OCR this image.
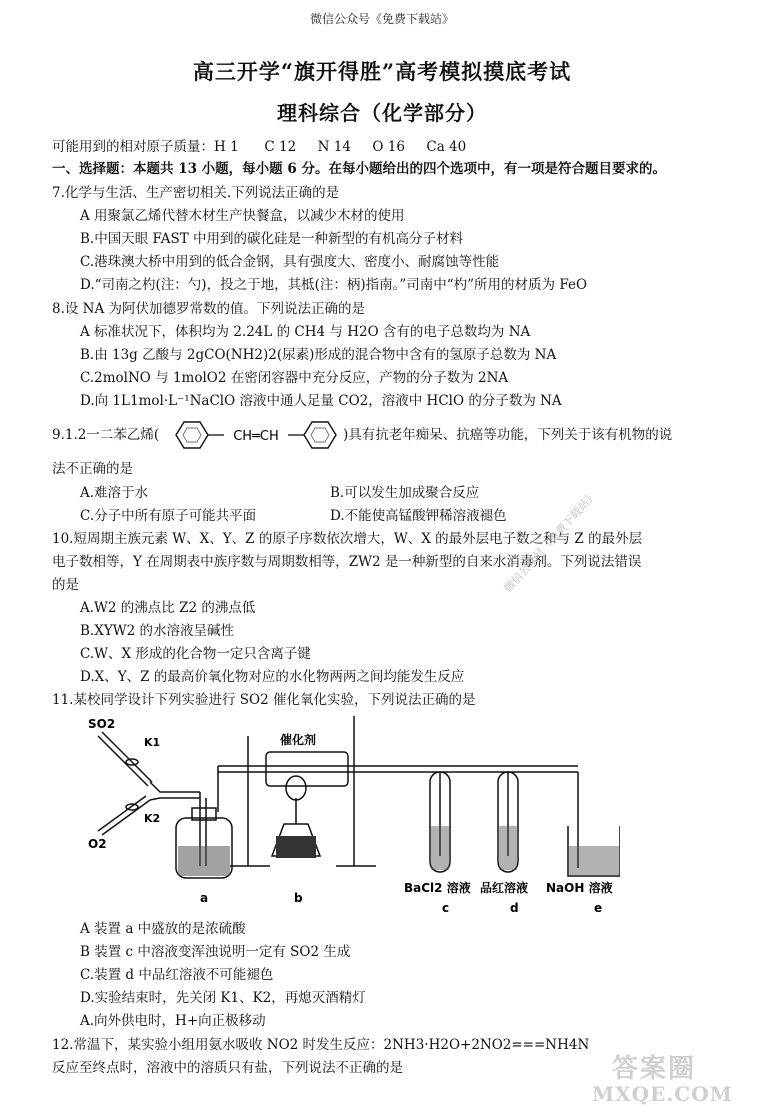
微信公众号《免费下载站》
高三开学“旗开得胜”高考模拟摸底考试
理科综合（化学部分）
可能用到的相对原子质量：H 1      C 12     N 14     O 16     Ca 40
一、选择题：本题共 13 小题，每小题 6 分。在每小题给出的四个选项中，有一项是符合题目要求的。
7.化学与生活、生产密切相关.下列说法正确的是
A 用聚氯乙烯代替木材生产快餐盒，以减少木材的使用
B.中国天眼 FAST 中用到的碳化硅是一种新型的有机高分子材料
C.港珠澳大桥中用到的低合金钢，具有强度大、密度小、耐腐蚀等性能
D.“司南之杓(注：勺)，投之于地，其柢(注：柄)指南。”司南中“杓”所用的材质为 FeO
8.设 NA 为阿伏加德罗常数的值。下列说法正确的是
A 标准状况下，体积均为 2.24L 的 CH4 与 H2O 含有的电子总数均为 NA
B.由 13g 乙酸与 2gCO(NH2)2(尿素)形成的混合物中含有的氢原子总数为 NA
C.2molNO 与 1molO2 在密闭容器中充分反应，产物的分子数为 2NA
D.向 1L1mol·L⁻¹NaClO 溶液中通人足量 CO2，溶液中 HClO 的分子数为 NA
9.1.2一二苯乙烯(	CH═CH	)具有抗老年痴呆、抗癌等功能，下列关于该有机物的说
法不正确的是
A.难溶于水	B.可以发生加成聚合反应
C.分子中所有原子可能共平面	D.不能使高锰酸钾稀溶液褪色
10.短周期主族元素 W、X、Y、Z 的原子序数依次增大，W、X 的最外层电子数之和与 Z 的最外层
电子数相等，Y 在周期表中族序数与周期数相等，ZW2 是一种新型的自来水消毒剂。下列说法错误
的是
A.W2 的沸点比 Z2 的沸点低
B.XYW2 的水溶液呈碱性
C.W、X 形成的化合物一定只含离子键
D.X、Y、Z 的最高价氧化物对应的水化物两两之间均能发生反应
11.某校同学设计下列实验进行 SO2 催化氧化实验，下列说法正确的是
SO2
O2
K1
K2
催化剂
a	b
c	d	e
BaCl2 溶液 品红溶液 NaOH 溶液
A 装置 a 中盛放的是浓硫酸
B 装置 c 中溶液变浑浊说明一定有 SO2 生成
C.装置 d 中品红溶液不可能褪色
D.实验结束时，先关闭 K1、K2，再熄灭酒精灯
A.向外供电时，H+向正极移动
12.常温下，某实验小组用氨水吸收 NO2 时发生反应：2NH3·H2O+2NO2===NH4N
反应至终点时，溶液中的溶质只有盐，下列说法不正确的是
微信公众号《免费下载站》
答案圈
MXQE.COM
